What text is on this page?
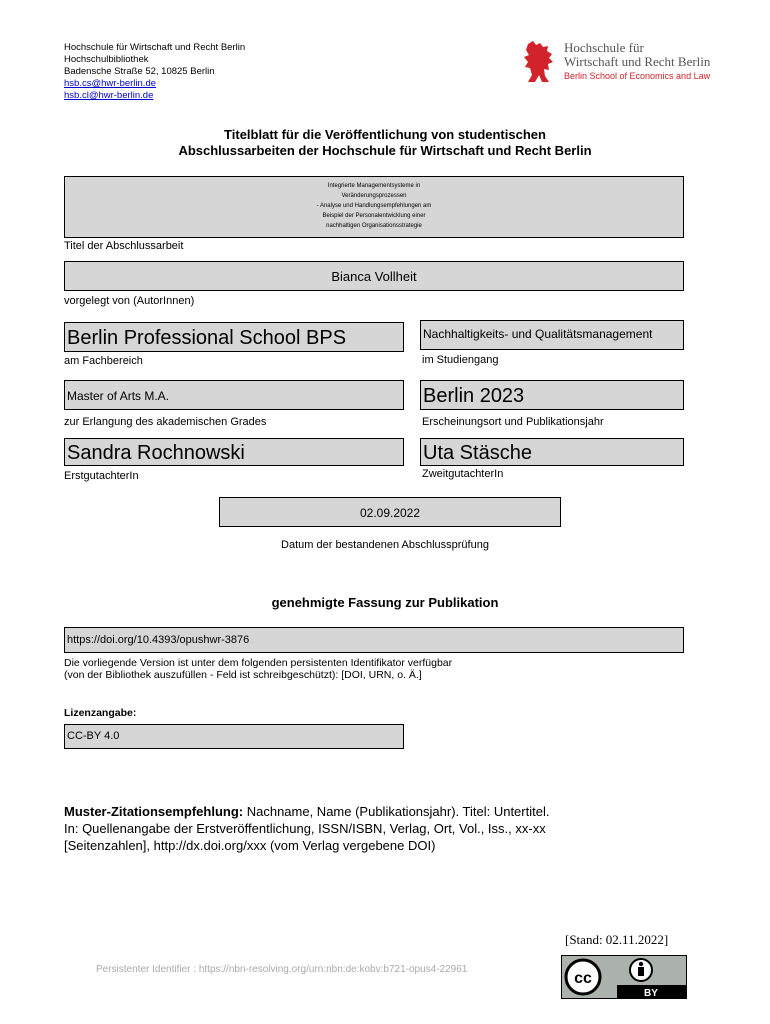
Hochschule für Wirtschaft und Recht Berlin
Hochschulbibliothek
Badensche Straße 52, 10825 Berlin
hsb.cs@hwr-berlin.de
hsb.cl@hwr-berlin.de
Hochschule für
Wirtschaft und Recht Berlin
Berlin School of Economics and Law
Titelblatt für die Veröffentlichung von studentischen
Abschlussarbeiten der Hochschule für Wirtschaft und Recht Berlin
Integrierte Managementsysteme in
Veränderungsprozessen
- Analyse und Handlungsempfehlungen am
Beispiel der Personalentwicklung einer
nachhaltigen Organisationsstrategie
Titel der Abschlussarbeit
Bianca Vollheit
vorgelegt von (AutorInnen)
Berlin Professional School BPS
am Fachbereich
Nachhaltigkeits- und Qualitätsmanagement
im Studiengang
Master of Arts M.A.
zur Erlangung des akademischen Grades
Berlin 2023
Erscheinungsort und Publikationsjahr
Sandra Rochnowski
ErstgutachterIn
Uta Stäsche
ZweitgutachterIn
02.09.2022
Datum der bestandenen Abschlussprüfung
genehmigte Fassung zur Publikation
https://doi.org/10.4393/opushwr-3876
Die vorliegende Version ist unter dem folgenden persistenten Identifikator verfügbar
(von der Bibliothek auszufüllen - Feld ist schreibgeschützt): [DOI, URN, o. Ä.]
Lizenzangabe:
CC-BY 4.0
Muster-Zitationsempfehlung: Nachname, Name (Publikationsjahr). Titel: Untertitel.
In: Quellenangabe der Erstveröffentlichung, ISSN/ISBN, Verlag, Ort, Vol., Iss., xx-xx
[Seitenzahlen], http://dx.doi.org/xxx (vom Verlag vergebene DOI)
[Stand: 02.11.2022]
Persistenter Identifier : https://nbn-resolving.org/urn:nbn:de:kobv:b721-opus4-22961
cc
BY
